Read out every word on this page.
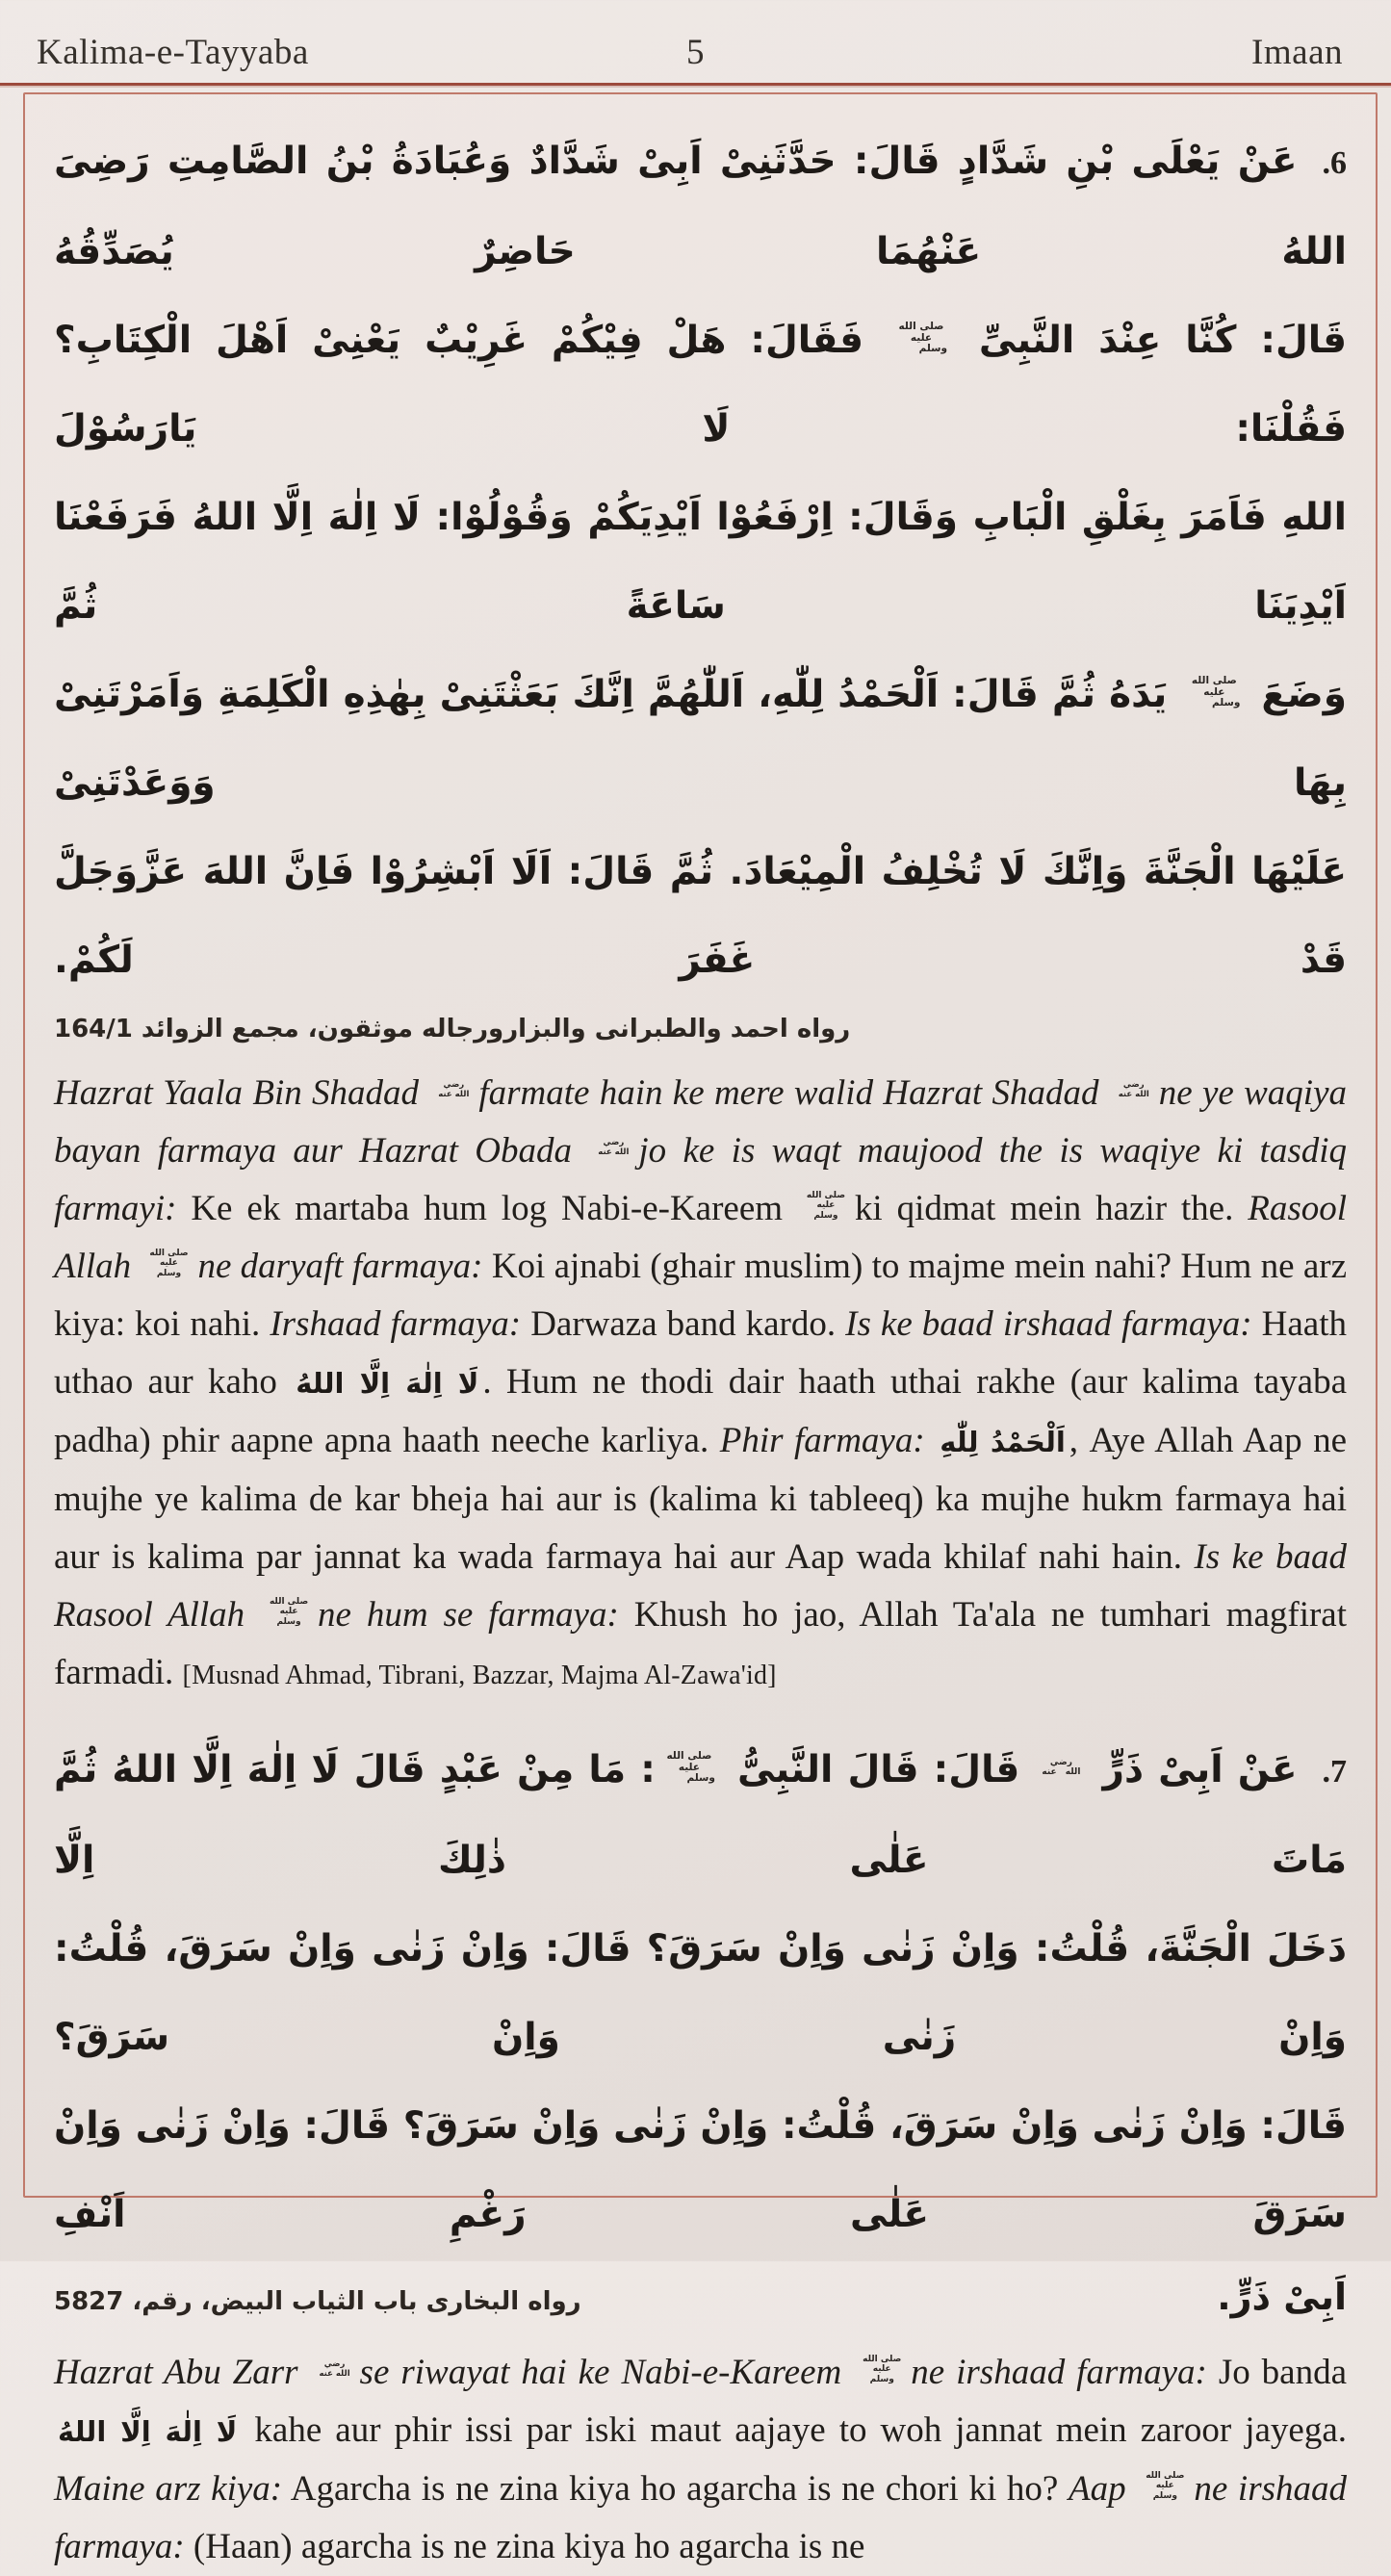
Kalima-e-Tayyaba	5	Imaan
6.عَنْ يَعْلَى بْنِ شَدَّادٍ قَالَ: حَدَّثَنِىْ اَبِىْ شَدَّادٌ وَعُبَادَةُ بْنُ الصَّامِتِ رَضِىَ اللهُ عَنْهُمَا حَاضِرٌ يُصَدِّقُهُ
قَالَ: كُنَّا عِنْدَ النَّبِىِّ صلى الله عليه وسلم فَقَالَ: هَلْ فِيْكُمْ غَرِيْبٌ يَعْنِىْ اَهْلَ الْكِتَابِ؟ فَقُلْنَا: لَا يَارَسُوْلَ
اللهِ فَاَمَرَ بِغَلْقِ الْبَابِ وَقَالَ: اِرْفَعُوْا اَيْدِيَكُمْ وَقُوْلُوْا: لَا اِلٰهَ اِلَّا اللهُ فَرَفَعْنَا اَيْدِيَنَا سَاعَةً ثُمَّ
وَضَعَ صلى الله عليه وسلم يَدَهُ ثُمَّ قَالَ: اَلْحَمْدُ لِلّٰهِ، اَللّٰهُمَّ اِنَّكَ بَعَثْتَنِىْ بِهٰذِهِ الْكَلِمَةِ وَاَمَرْتَنِىْ بِهَا وَوَعَدْتَنِىْ
عَلَيْهَا الْجَنَّةَ وَاِنَّكَ لَا تُخْلِفُ الْمِيْعَادَ. ثُمَّ قَالَ: اَلَا اَبْشِرُوْا فَاِنَّ اللهَ عَزَّوَجَلَّ قَدْ غَفَرَ لَكُمْ.
رواه احمد والطبرانى والبزارورجاله موثقون، مجمع الزوائد 164/1
Hazrat Yaala Bin Shadad	رضي الله عنه farmate hain ke mere walid Hazrat Shadad	رضي الله عنه ne ye waqiya bayan farmaya aur Hazrat Obada	رضي الله عنه jo ke is waqt maujood the is waqiye ki tasdiq farmayi: Ke ek martaba hum log Nabi-e-Kareem	صلى الله عليه وسلم ki qidmat mein hazir the. Rasool Allah صلى الله عليه وسلم ne daryaft farmaya: Koi ajnabi (ghair muslim) to majme mein nahi? Hum ne arz kiya: koi nahi. Irshaad farmaya: Darwaza band kardo. Is ke baad irshaad farmaya: Haath uthao aur kaho لَا اِلٰهَ اِلَّا اللهُ . Hum ne thodi dair haath uthai rakhe (aur kalima tayaba padha) phir aapne apna haath neeche karliya. Phir farmaya: اَلْحَمْدُ لِلّٰهِ , Aye Allah Aap ne mujhe ye kalima de kar bheja hai aur is (kalima ki tableeq) ka mujhe hukm farmaya hai aur is kalima par jannat ka wada farmaya hai aur Aap wada khilaf nahi hain. Is ke baad Rasool Allah	صلى الله عليه وسلم ne hum se farmaya: Khush ho jao, Allah Ta'ala ne tumhari magfirat farmadi. [Musnad Ahmad, Tibrani, Bazzar, Majma Al-Zawa'id]
7.عَنْ اَبِىْ ذَرٍّ رضي الله عنه قَالَ: قَالَ النَّبِىُّ صلى الله عليه وسلم: مَا مِنْ عَبْدٍ قَالَ لَا اِلٰهَ اِلَّا اللهُ ثُمَّ مَاتَ عَلٰى ذٰلِكَ اِلَّا
دَخَلَ الْجَنَّةَ، قُلْتُ: وَاِنْ زَنٰى وَاِنْ سَرَقَ؟ قَالَ: وَاِنْ زَنٰى وَاِنْ سَرَقَ، قُلْتُ: وَاِنْ زَنٰى وَاِنْ سَرَقَ؟
قَالَ: وَاِنْ زَنٰى وَاِنْ سَرَقَ، قُلْتُ: وَاِنْ زَنٰى وَاِنْ سَرَقَ؟ قَالَ: وَاِنْ زَنٰى وَاِنْ سَرَقَ عَلٰى رَغْمِ اَنْفِ
اَبِىْ ذَرٍّ.
رواه البخارى باب الثياب البيض، رقم، 5827
Hazrat Abu Zarr	رضي الله عنه se riwayat hai ke Nabi-e-Kareem صلى الله عليه وسلم ne irshaad farmaya: Jo banda لَا اِلٰهَ اِلَّا اللهُ kahe aur phir issi par iski maut aajaye to woh jannat mein zaroor jayega. Maine arz kiya: Agarcha is ne zina kiya ho agarcha is ne chori ki ho? Aap صلى الله عليه وسلم ne irshaad farmaya: (Haan) agarcha is ne zina kiya ho agarcha is ne
